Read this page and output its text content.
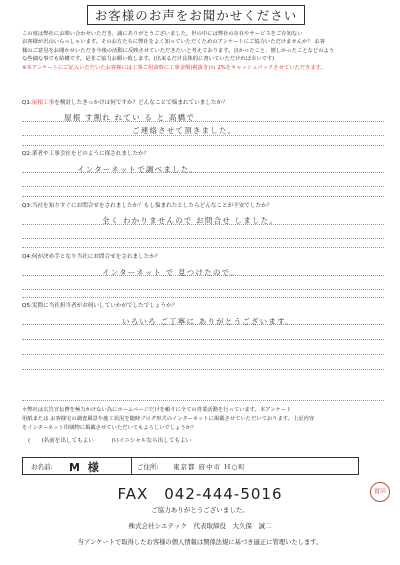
お客様のお声をお聞かせください

この度は弊社にお問い合わせいただき、誠にありがとうございました。世の中には弊社の存在やサービスをご存知ない

お客様が沢山いらっしゃいます。そのお方たちに弊社をよく知っていただくためのアンケートにご協力いただけませんか？ お客

様のご意見をお聞かせいただき今後の活動に反映させていただきたいと考えております。良かったこと、嬉しかったことなどのよう

な些細な事でも結構です。是非ご協力お願い致します。(出来るだけ具体的に書いていただければ幸いです)

※本アンケートにご記入いただいたお客様には工事ご用命時に工事金額(税抜き)の 2%をキャッシュバックさせていただきます。

Q1:屋根工事を検討したきっかけは何ですか？どんなことで悩まれていましたか？
屋根 す割れ れてい る と 高橋で
ご連絡させて頂きました。
Q2:業者や工事会社をどのように探されましたか？
インターネットで調べました。
Q3:当社を知りすぐにお問合せをされましたか？もし悩まれたとしたらどんなことが不安でしたか？
全く わかりませんので お問合せ しました。
Q4:何が決め手となり当社にお問合せをされましたか？
インターネット で 見つけたので。
Q5:実際に当社担当者がお伺いしていかがでしたでしょうか？
いろいろ ご丁寧に ありがとうございます。

＊弊社は広告宣伝費を極力かけない為にホームページだけを頼りに全ての営業活動を行っています。本アンケート

用紙または お客様宅の調査風景や施工状況を随時ブログ形式のインターネットに掲載させていただいております。上記内容

をインターネット印刷物に掲載させていただいてもよろしいでしょうか？

(　　)名前を出してもよい	(ﾚ)イニシャルなら出してもよい
お名前: M 様	ご住所: 東京都 府中市 Ｈ○町
富田
FAX　042-444-5016
ご協力ありがとうございました。
株式会社シエテック　代表取締役　大久保　誠二
当アンケートで取得したお客様の個人情報は関係法規に基づき適正に管理いたします。
